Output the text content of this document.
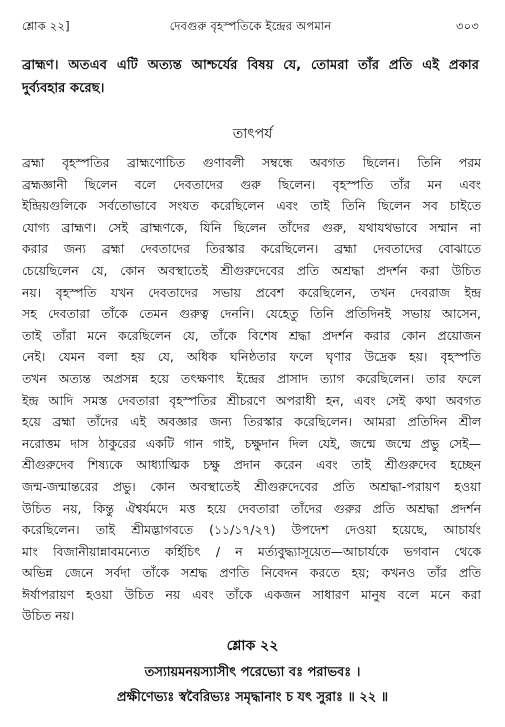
শ্লোক ২২]	দেবগুরু বৃহস্পতিকে ইন্দ্রের অপমান	৩০৩
ব্রাহ্মণ। অতএব এটি অত্যন্ত আশ্চর্যের বিষয় যে, তোমরা তাঁর প্রতি এই প্রকার
দুর্ব্যবহার করেছ।
তাৎপর্য
ব্রহ্মা বৃহস্পতির ব্রাহ্মণোচিত গুণাবলী সম্বন্ধে অবগত ছিলেন। তিনি পরম
ব্রহ্মজ্ঞানী ছিলেন বলে দেবতাদের গুরু ছিলেন। বৃহস্পতি তাঁর মন এবং
ইন্দ্রিয়গুলিকে সর্বতোভাবে সংযত করেছিলেন এবং তাই তিনি ছিলেন সব চাইতে
যোগ্য ব্রাহ্মণ। সেই ব্রাহ্মণকে, যিনি ছিলেন তাঁদের গুরু, যথাযথভাবে সম্মান না
করার জন্য ব্রহ্মা দেবতাদের তিরস্কার করেছিলেন। ব্রহ্মা দেবতাদের বোঝাতে
চেয়েছিলেন যে, কোন অবস্থাতেই শ্রীগুরুদেবের প্রতি অশ্রদ্ধা প্রদর্শন করা উচিত
নয়। বৃহস্পতি যখন দেবতাদের সভায় প্রবেশ করেছিলেন, তখন দেবরাজ ইন্দ্র
সহ দেবতারা তাঁকে তেমন গুরুত্ব দেননি। যেহেতু তিনি প্রতিদিনই সভায় আসেন,
তাই তাঁরা মনে করেছিলেন যে, তাঁকে বিশেষ শ্রদ্ধা প্রদর্শন করার কোন প্রয়োজন
নেই। যেমন বলা হয় যে, অধিক ঘনিষ্ঠতার ফলে ঘৃণার উদ্রেক হয়। বৃহস্পতি
তখন অত্যন্ত অপ্রসন্ন হয়ে তৎক্ষণাৎ ইন্দ্রের প্রাসাদ ত্যাগ করেছিলেন। তার ফলে
ইন্দ্র আদি সমস্ত দেবতারা বৃহস্পতির শ্রীচরণে অপরাধী হন, এবং সেই কথা অবগত
হয়ে ব্রহ্মা তাঁদের এই অবজ্ঞার জন্য তিরস্কার করেছিলেন। আমরা প্রতিদিন শ্রীল
নরোত্তম দাস ঠাকুরের একটি গান গাই, চক্ষুদান দিল যেই, জন্মে জন্মে প্রভু সেই—
শ্রীগুরুদেব শিষ্যকে আধ্যাত্মিক চক্ষু প্রদান করেন এবং তাই শ্রীগুরুদেব হচ্ছেন
জন্ম-জন্মান্তরের প্রভু। কোন অবস্থাতেই শ্রীগুরুদেবের প্রতি অশ্রদ্ধা-পরায়ণ হওয়া
উচিত নয়, কিন্তু ঐশ্বর্যমদে মত্ত হয়ে দেবতারা তাঁদের গুরুর প্রতি অশ্রদ্ধা প্রদর্শন
করেছিলেন। তাই শ্রীমদ্ভাগবতে (১১/১৭/২৭) উপদেশ দেওয়া হয়েছে, আচার্যং
মাং বিজানীয়ান্নাবমন্যেত কর্হিচিৎ / ন মর্ত্যবুদ্ধ্যাসূয়েত—আচার্যকে ভগবান থেকে
অভিন্ন জেনে সর্বদা তাঁকে সশ্রদ্ধ প্রণতি নিবেদন করতে হয়; কখনও তাঁর প্রতি
ঈর্ষাপরায়ণ হওয়া উচিত নয় এবং তাঁকে একজন সাধারণ মানুষ বলে মনে করা
উচিত নয়।
শ্লোক ২২
তস্যায়মনয়স্যাসীৎ পরেভ্যো বঃ পরাভবঃ ।
প্রক্ষীণেভ্যঃ স্ববৈরিভ্যঃ সমৃদ্ধানাং চ যৎ সুরাঃ ॥ ২২ ॥
